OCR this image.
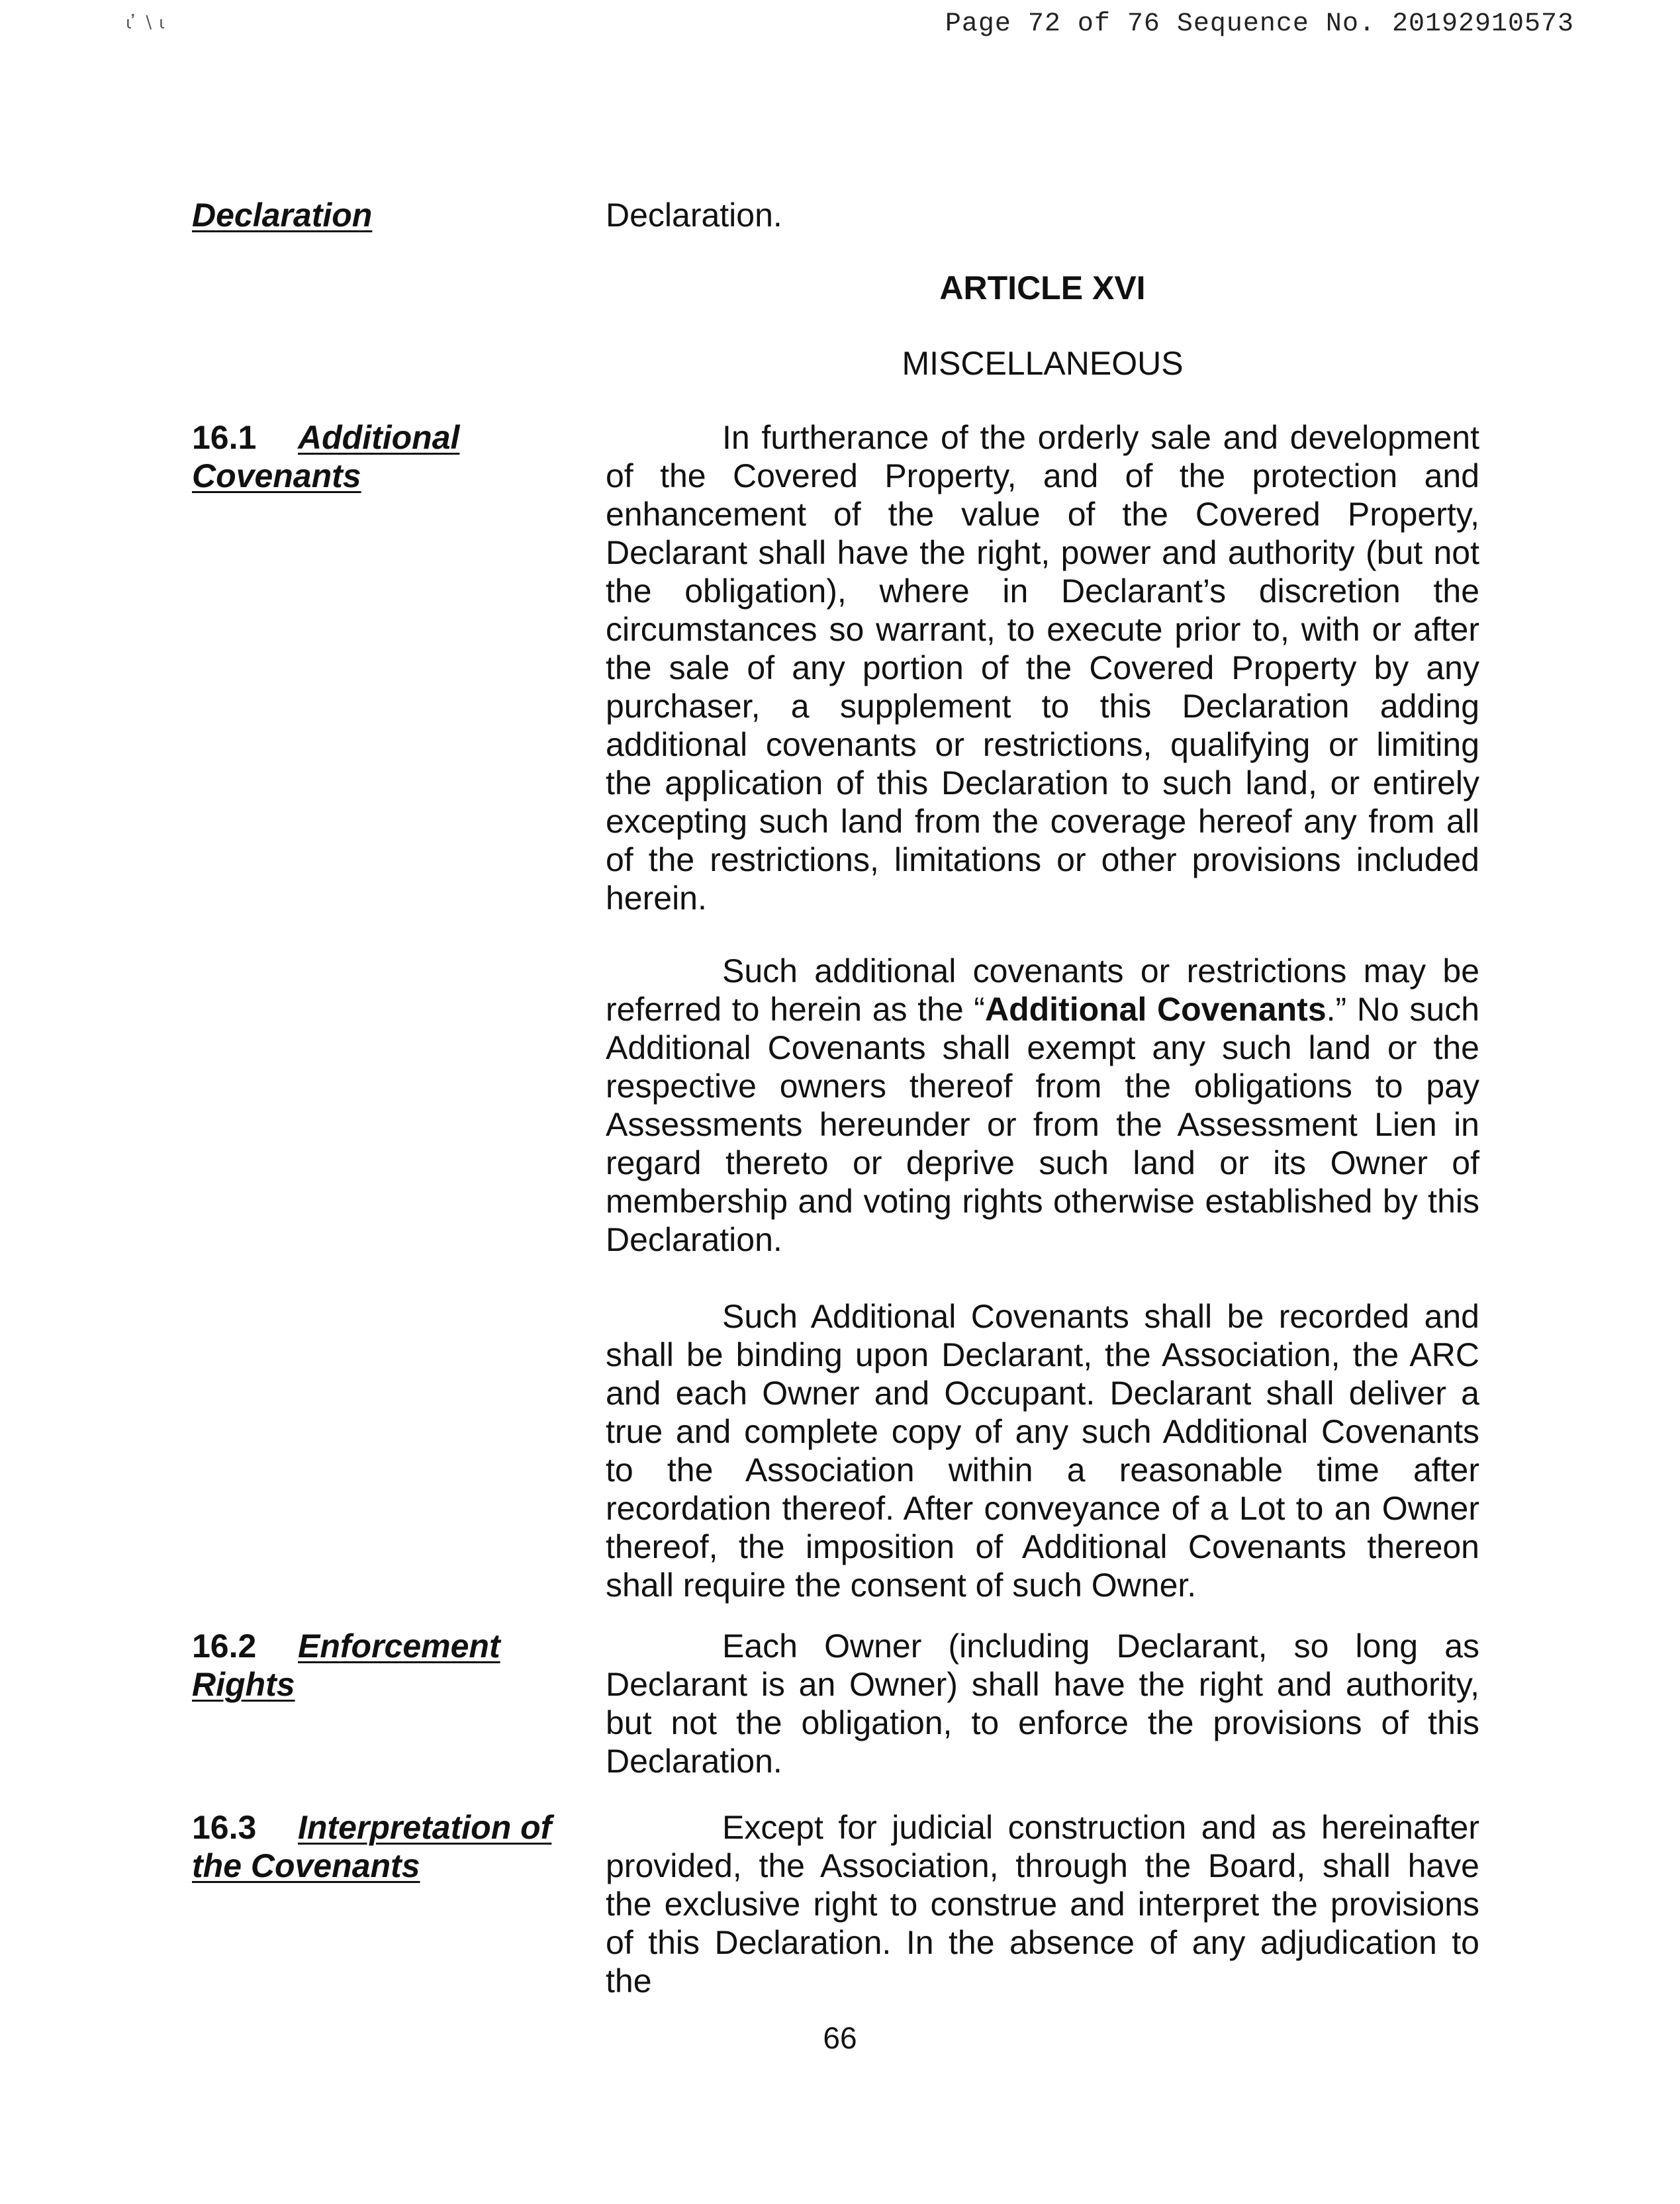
ι ̓ ∖ ι	Page 72 of 76 Sequence No. 20192910573
Declaration	Declaration.
ARTICLE XVI
MISCELLANEOUS
16.1 Additional Covenants

In furtherance of the orderly sale and development of the Covered Property, and of the protection and enhancement of the value of the Covered Property, Declarant shall have the right, power and authority (but not the obligation), where in Declarant’s discretion the circumstances so warrant, to execute prior to, with or after the sale of any portion of the Covered Property by any purchaser, a supplement to this Declaration adding additional covenants or restrictions, qualifying or limiting the application of this Declaration to such land, or entirely excepting such land from the coverage hereof any from all of the restrictions, limitations or other provisions included herein.

Such additional covenants or restrictions may be referred to herein as the “Additional Covenants.” No such Additional Covenants shall exempt any such land or the respective owners thereof from the obligations to pay Assessments hereunder or from the Assessment Lien in regard thereto or deprive such land or its Owner of membership and voting rights otherwise established by this Declaration.

Such Additional Covenants shall be recorded and shall be binding upon Declarant, the Association, the ARC and each Owner and Occupant. Declarant shall deliver a true and complete copy of any such Additional Covenants to the Association within a reasonable time after recordation thereof. After conveyance of a Lot to an Owner thereof, the imposition of Additional Covenants thereon shall require the consent of such Owner.

16.2 Enforcement Rights

Each Owner (including Declarant, so long as Declarant is an Owner) shall have the right and authority, but not the obligation, to enforce the provisions of this Declaration.

16.3 Interpretation of the Covenants

Except for judicial construction and as hereinafter provided, the Association, through the Board, shall have the exclusive right to construe and interpret the provisions of this Declaration. In the absence of any adjudication to the

66
